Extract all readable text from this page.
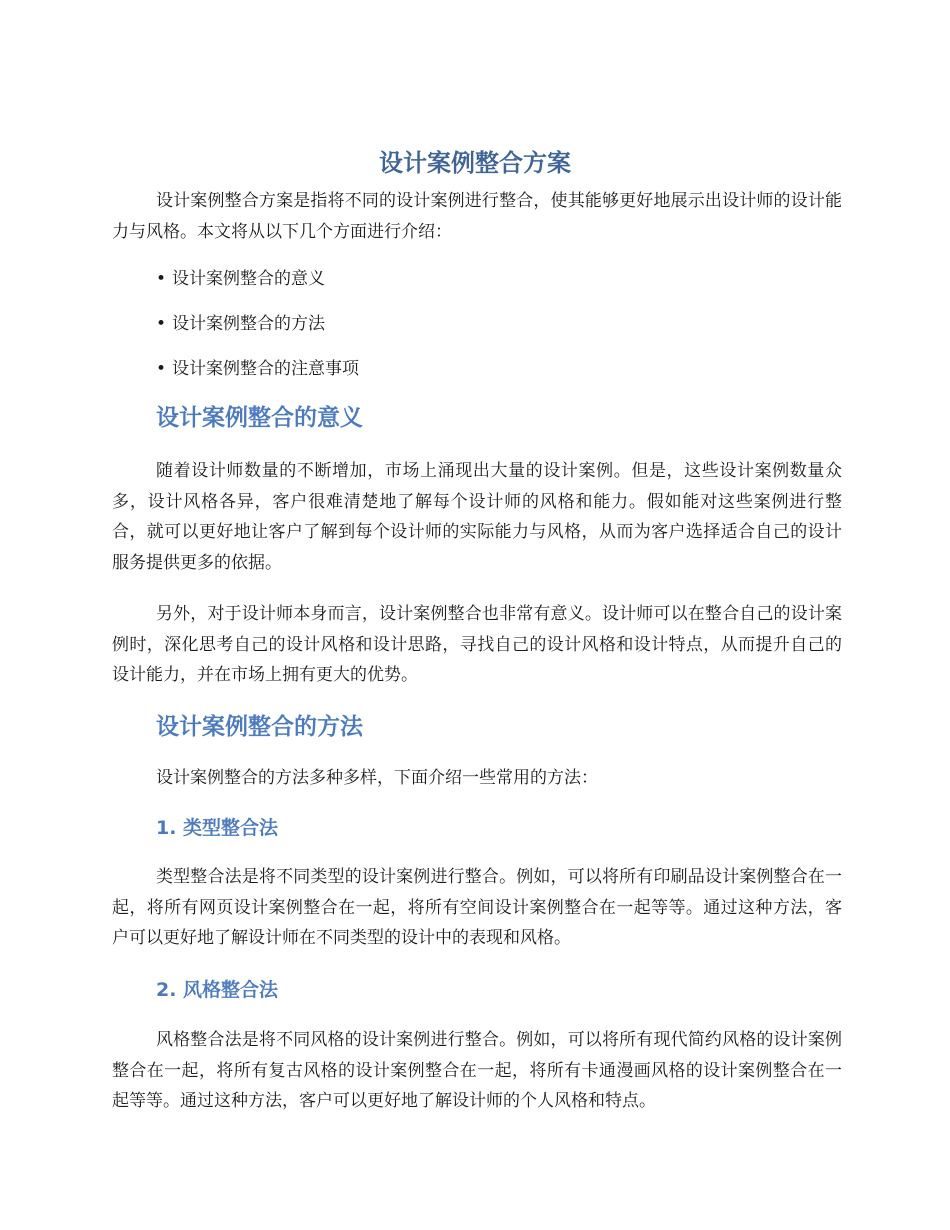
设计案例整合方案

设计案例整合方案是指将不同的设计案例进行整合，使其能够更好地展示出设计师的设计能力与风格。本文将从以下几个方面进行介绍：

• 设计案例整合的意义

• 设计案例整合的方法

• 设计案例整合的注意事项

设计案例整合的意义

随着设计师数量的不断增加，市场上涌现出大量的设计案例。但是，这些设计案例数量众多，设计风格各异，客户很难清楚地了解每个设计师的风格和能力。假如能对这些案例进行整合，就可以更好地让客户了解到每个设计师的实际能力与风格，从而为客户选择适合自己的设计服务提供更多的依据。

另外，对于设计师本身而言，设计案例整合也非常有意义。设计师可以在整合自己的设计案例时，深化思考自己的设计风格和设计思路，寻找自己的设计风格和设计特点，从而提升自己的设计能力，并在市场上拥有更大的优势。

设计案例整合的方法

设计案例整合的方法多种多样，下面介绍一些常用的方法：

1. 类型整合法

类型整合法是将不同类型的设计案例进行整合。例如，可以将所有印刷品设计案例整合在一起，将所有网页设计案例整合在一起，将所有空间设计案例整合在一起等等。通过这种方法，客户可以更好地了解设计师在不同类型的设计中的表现和风格。

2. 风格整合法

风格整合法是将不同风格的设计案例进行整合。例如，可以将所有现代简约风格的设计案例整合在一起，将所有复古风格的设计案例整合在一起，将所有卡通漫画风格的设计案例整合在一起等等。通过这种方法，客户可以更好地了解设计师的个人风格和特点。
